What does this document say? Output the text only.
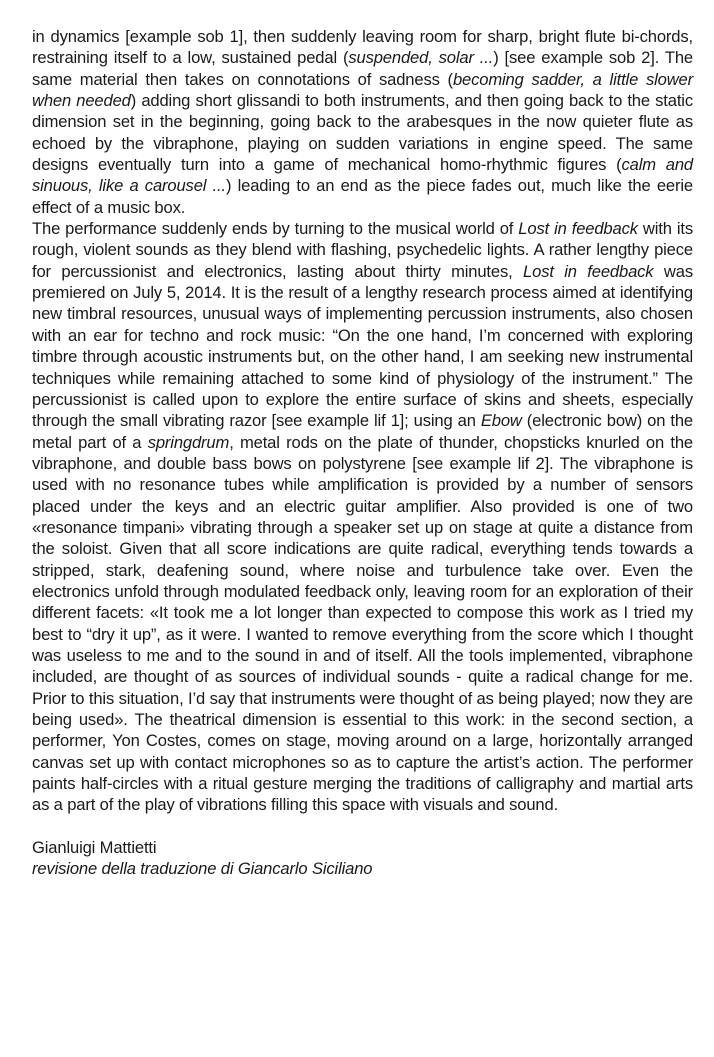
in dynamics [example sob 1], then suddenly leaving room for sharp, bright flute bi-chords, restraining itself to a low, sustained pedal (suspended, solar ...) [see example sob 2]. The same material then takes on connotations of sadness (becoming sadder, a little slower when needed) adding short glissandi to both instruments, and then going back to the static dimension set in the beginning, going back to the arabesques in the now quieter flute as echoed by the vibraphone, playing on sudden variations in engine speed. The same designs eventually turn into a game of mechanical homo-rhythmic figures (calm and sinuous, like a carousel ...) leading to an end as the piece fades out, much like the eerie effect of a music box.

The performance suddenly ends by turning to the musical world of Lost in feedback with its rough, violent sounds as they blend with flashing, psychedelic lights. A rather lengthy piece for percussionist and electronics, lasting about thirty minutes, Lost in feedback was premiered on July 5, 2014. It is the result of a lengthy research process aimed at identifying new timbral resources, unusual ways of implementing percussion instruments, also chosen with an ear for techno and rock music: “On the one hand, I’m concerned with exploring timbre through acoustic instruments but, on the other hand, I am seeking new instrumental techniques while remaining attached to some kind of physiology of the instrument.” The percussionist is called upon to explore the entire surface of skins and sheets, especially through the small vibrating razor [see example lif 1]; using an Ebow (electronic bow) on the metal part of a springdrum, metal rods on the plate of thunder, chopsticks knurled on the vibraphone, and double bass bows on polystyrene [see example lif 2]. The vibraphone is used with no resonance tubes while amplification is provided by a number of sensors placed under the keys and an electric guitar amplifier. Also provided is one of two «resonance timpani» vibrating through a speaker set up on stage at quite a distance from the soloist. Given that all score indications are quite radical, everything tends towards a stripped, stark, deafening sound, where noise and turbulence take over. Even the electronics unfold through modulated feedback only, leaving room for an exploration of their different facets: «It took me a lot longer than expected to compose this work as I tried my best to “dry it up”, as it were. I wanted to remove everything from the score which I thought was useless to me and to the sound in and of itself. All the tools implemented, vibraphone included, are thought of as sources of individual sounds - quite a radical change for me. Prior to this situation, I’d say that instruments were thought of as being played; now they are being used». The theatrical dimension is essential to this work: in the second section, a performer, Yon Costes, comes on stage, moving around on a large, horizontally arranged canvas set up with contact microphones so as to capture the artist’s action. The performer paints half-circles with a ritual gesture merging the traditions of calligraphy and martial arts as a part of the play of vibrations filling this space with visuals and sound.

Gianluigi Mattietti
revisione della traduzione di Giancarlo Siciliano
